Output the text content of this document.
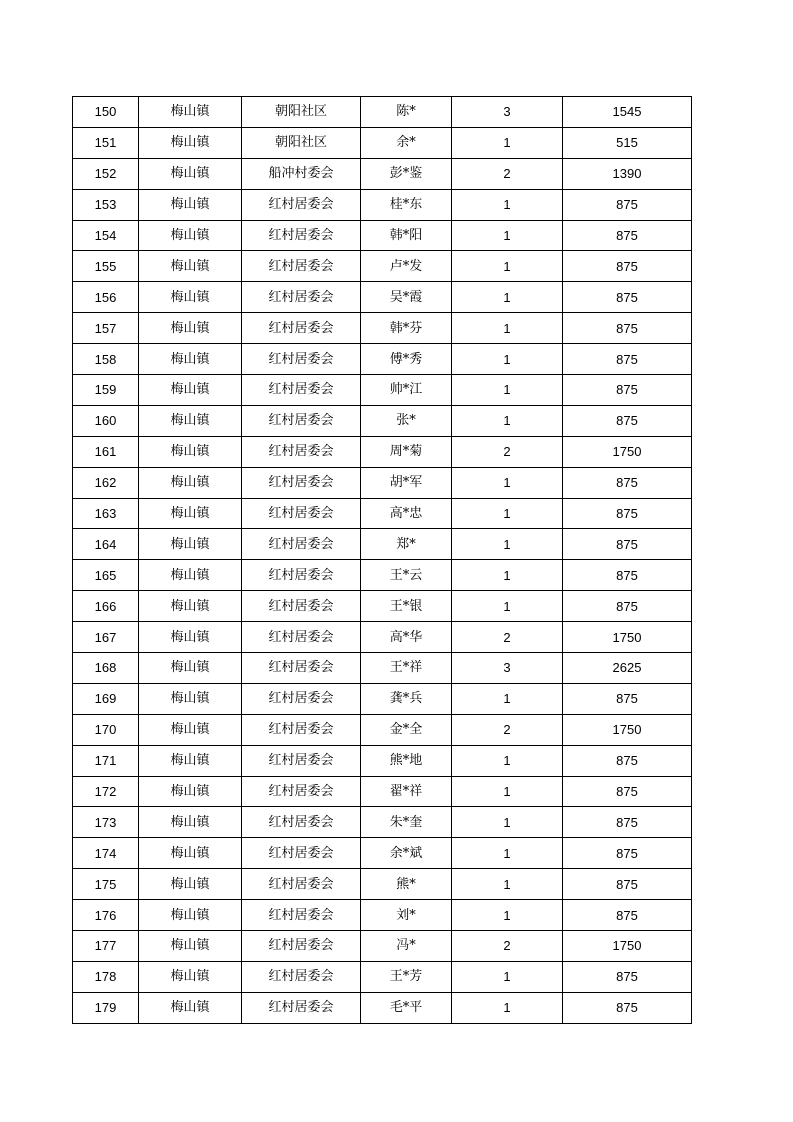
150	梅山镇	朝阳社区	陈*	3	1545
151	梅山镇	朝阳社区	余*	1	515
152	梅山镇	船冲村委会	彭*鉴	2	1390
153	梅山镇	红村居委会	桂*东	1	875
154	梅山镇	红村居委会	韩*阳	1	875
155	梅山镇	红村居委会	卢*发	1	875
156	梅山镇	红村居委会	吴*霞	1	875
157	梅山镇	红村居委会	韩*芬	1	875
158	梅山镇	红村居委会	傅*秀	1	875
159	梅山镇	红村居委会	帅*江	1	875
160	梅山镇	红村居委会	张*	1	875
161	梅山镇	红村居委会	周*菊	2	1750
162	梅山镇	红村居委会	胡*军	1	875
163	梅山镇	红村居委会	高*忠	1	875
164	梅山镇	红村居委会	郑*	1	875
165	梅山镇	红村居委会	王*云	1	875
166	梅山镇	红村居委会	王*银	1	875
167	梅山镇	红村居委会	高*华	2	1750
168	梅山镇	红村居委会	王*祥	3	2625
169	梅山镇	红村居委会	龚*兵	1	875
170	梅山镇	红村居委会	金*全	2	1750
171	梅山镇	红村居委会	熊*地	1	875
172	梅山镇	红村居委会	翟*祥	1	875
173	梅山镇	红村居委会	朱*奎	1	875
174	梅山镇	红村居委会	余*斌	1	875
175	梅山镇	红村居委会	熊*	1	875
176	梅山镇	红村居委会	刘*	1	875
177	梅山镇	红村居委会	冯*	2	1750
178	梅山镇	红村居委会	王*芳	1	875
179	梅山镇	红村居委会	毛*平	1	875
